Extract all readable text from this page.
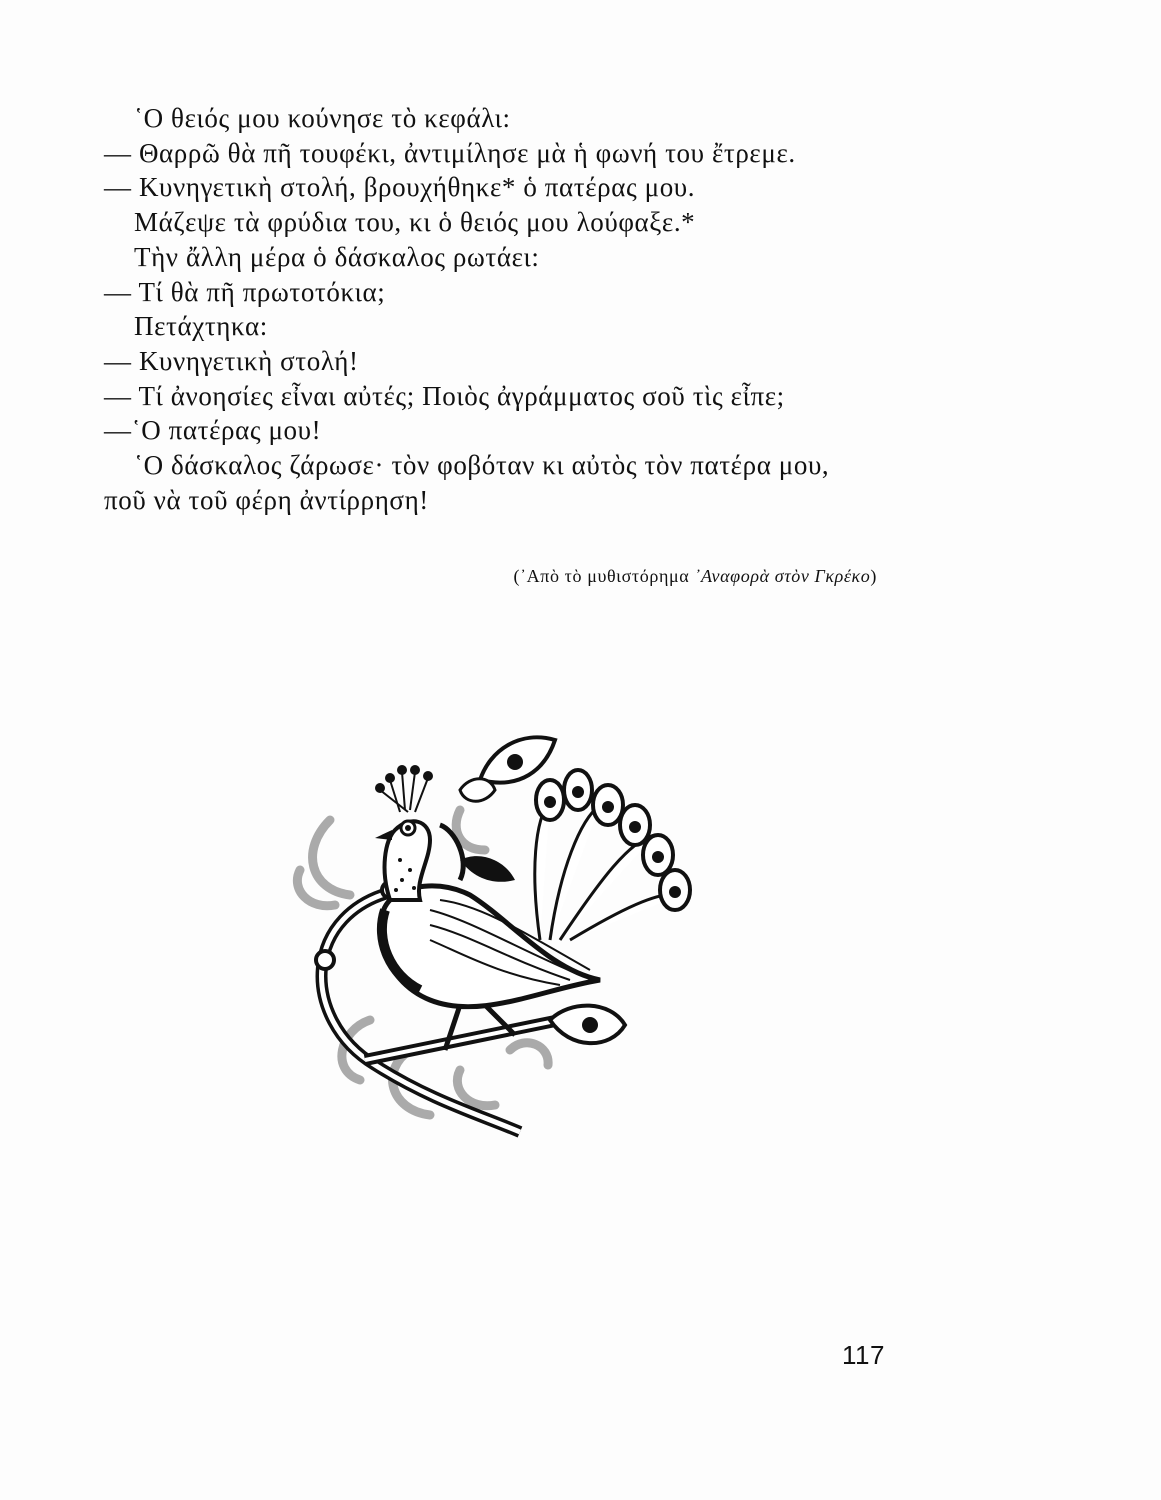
῾Ο θειός μου κούνησε τὸ κεφάλι:
— Θαρρῶ θὰ πῆ τουφέκι, ἀντιμίλησε μὰ ἡ φωνή του ἔτρεμε.
— Κυνηγετικὴ στολή, βρουχήθηκε* ὁ πατέρας μου.
Μάζεψε τὰ φρύδια του, κι ὁ θειός μου λούφαξε.*
Τὴν ἄλλη μέρα ὁ δάσκαλος ρωτάει:
— Τί θὰ πῆ πρωτοτόκια;
Πετάχτηκα:
— Κυνηγετικὴ στολή!
— Τί ἀνοησίες εἶναι αὐτές; Ποιὸς ἀγράμματος σοῦ τὶς εἶπε;
—῾Ο πατέρας μου!
῾Ο δάσκαλος ζάρωσε· τὸν φοβόταν κι αὐτὸς τὸν πατέρα μου,
ποῦ νὰ τοῦ φέρη ἀντίρρηση!
(᾿Απὸ τὸ μυθιστόρημα ᾿Αναφορὰ στὸν Γκρέκο)
117
